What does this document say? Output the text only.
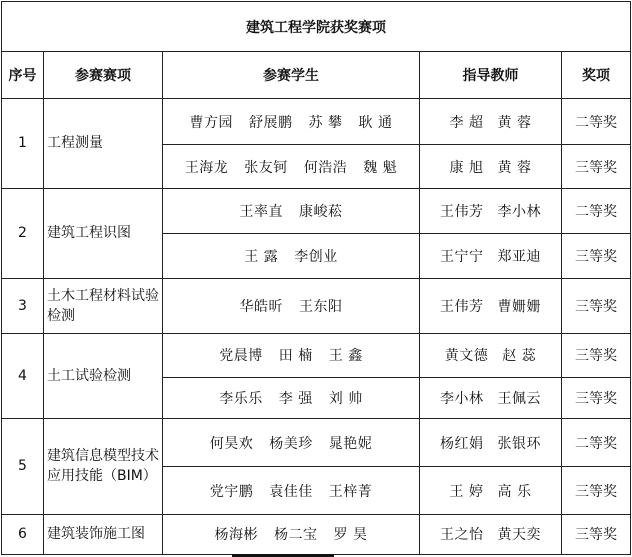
建筑工程学院获奖赛项				
序号	参赛赛项	参赛学生	指导教师	奖项
1	工程测量	曹方园 舒展鹏 苏 攀 耿 通	李 超 黄 蓉	二等奖
		王海龙 张友钶 何浩浩 魏 魁	康 旭 黄 蓉	三等奖
2	建筑工程识图	王率直 康峻菘	王伟芳 李小林	二等奖
		王 露 李创业	王宁宁 郑亚迪	三等奖
3	土木工程材料试验检测	华皓昕 王东阳	王伟芳 曹姗姗	三等奖
4	土工试验检测	党晨博 田 楠 王 鑫	黄文德 赵 蕊	三等奖
		李乐乐 李 强 刘 帅	李小林 王佩云	三等奖
5	建筑信息模型技术应用技能（BIM）	何昊欢 杨美珍 晁艳妮	杨红娟 张银环	二等奖
		党宇鹏 袁佳佳 王梓菁	王 婷 高 乐	三等奖
6	建筑装饰施工图	杨海彬 杨二宝 罗 昊	王之怡 黄天奕	三等奖
